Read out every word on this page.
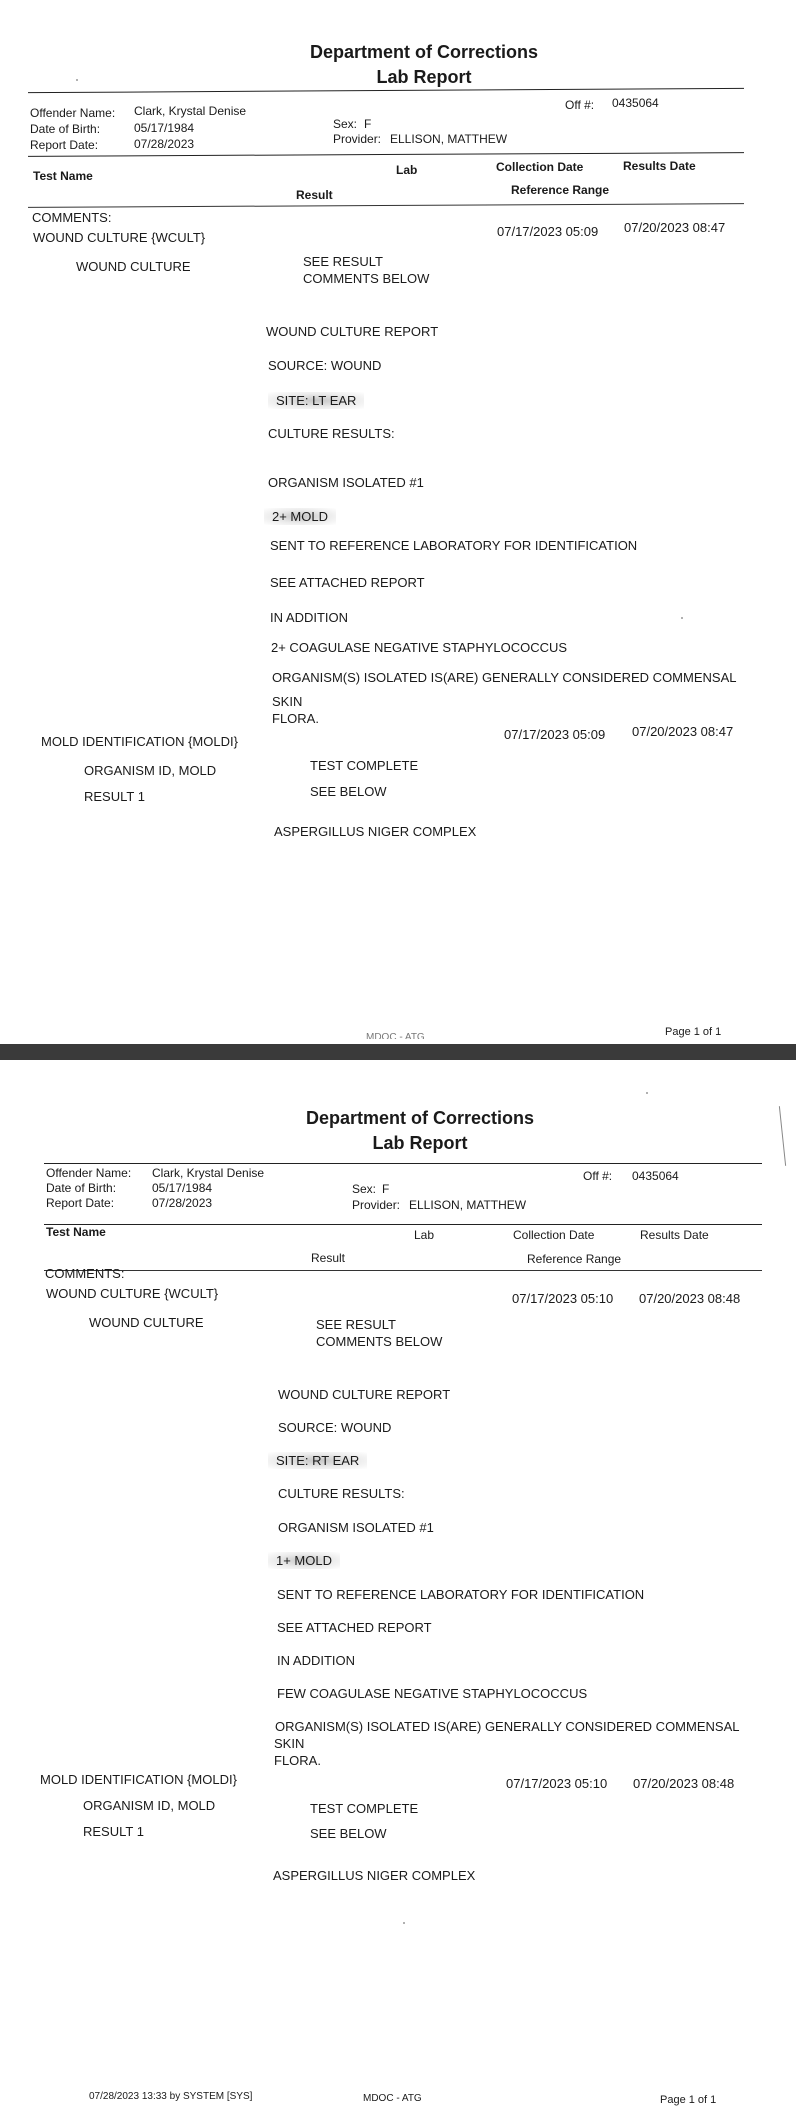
Department of Corrections
Lab Report
Offender Name: Clark, Krystal Denise
Date of Birth:	05/17/1984
Report Date:	07/28/2023
Off #: 0435064
Sex: F
Provider: ELLISON, MATTHEW
Test Name	Lab	Collection Date	Results Date
Result	Reference Range
COMMENTS:
WOUND CULTURE {WCULT}	07/17/2023 05:09 07/20/2023 08:47
WOUND CULTURE	SEE RESULT
COMMENTS BELOW
WOUND CULTURE REPORT
SOURCE: WOUND
SITE: LT EAR
CULTURE RESULTS:
ORGANISM ISOLATED #1
2+ MOLD
SENT TO REFERENCE LABORATORY FOR IDENTIFICATION
SEE ATTACHED REPORT
IN ADDITION
2+ COAGULASE NEGATIVE STAPHYLOCOCCUS
ORGANISM(S) ISOLATED IS(ARE) GENERALLY CONSIDERED COMMENSAL
SKIN
FLORA.
MOLD IDENTIFICATION {MOLDI}	07/17/2023 05:09 07/20/2023 08:47
ORGANISM ID, MOLD	TEST COMPLETE
RESULT 1	SEE BELOW
ASPERGILLUS NIGER COMPLEX
MDOC - ATG	Page 1 of 1
Department of Corrections
Lab Report
Offender Name: Clark, Krystal Denise
Date of Birth:	05/17/1984
Report Date:	07/28/2023
Off #: 0435064
Sex: F
Provider: ELLISON, MATTHEW
Test Name	Lab	Collection Date	Results Date
Result	Reference Range
COMMENTS:
WOUND CULTURE {WCULT}	07/17/2023 05:10 07/20/2023 08:48
WOUND CULTURE	SEE RESULT
COMMENTS BELOW
WOUND CULTURE REPORT
SOURCE: WOUND
SITE: RT EAR
CULTURE RESULTS:
ORGANISM ISOLATED #1
1+ MOLD
SENT TO REFERENCE LABORATORY FOR IDENTIFICATION
SEE ATTACHED REPORT
IN ADDITION
FEW COAGULASE NEGATIVE STAPHYLOCOCCUS
ORGANISM(S) ISOLATED IS(ARE) GENERALLY CONSIDERED COMMENSAL
SKIN
FLORA.
MOLD IDENTIFICATION {MOLDI}	07/17/2023 05:10 07/20/2023 08:48
ORGANISM ID, MOLD	TEST COMPLETE
RESULT 1	SEE BELOW
ASPERGILLUS NIGER COMPLEX
07/28/2023 13:33 by SYSTEM [SYS]	MDOC - ATG	Page 1 of 1
